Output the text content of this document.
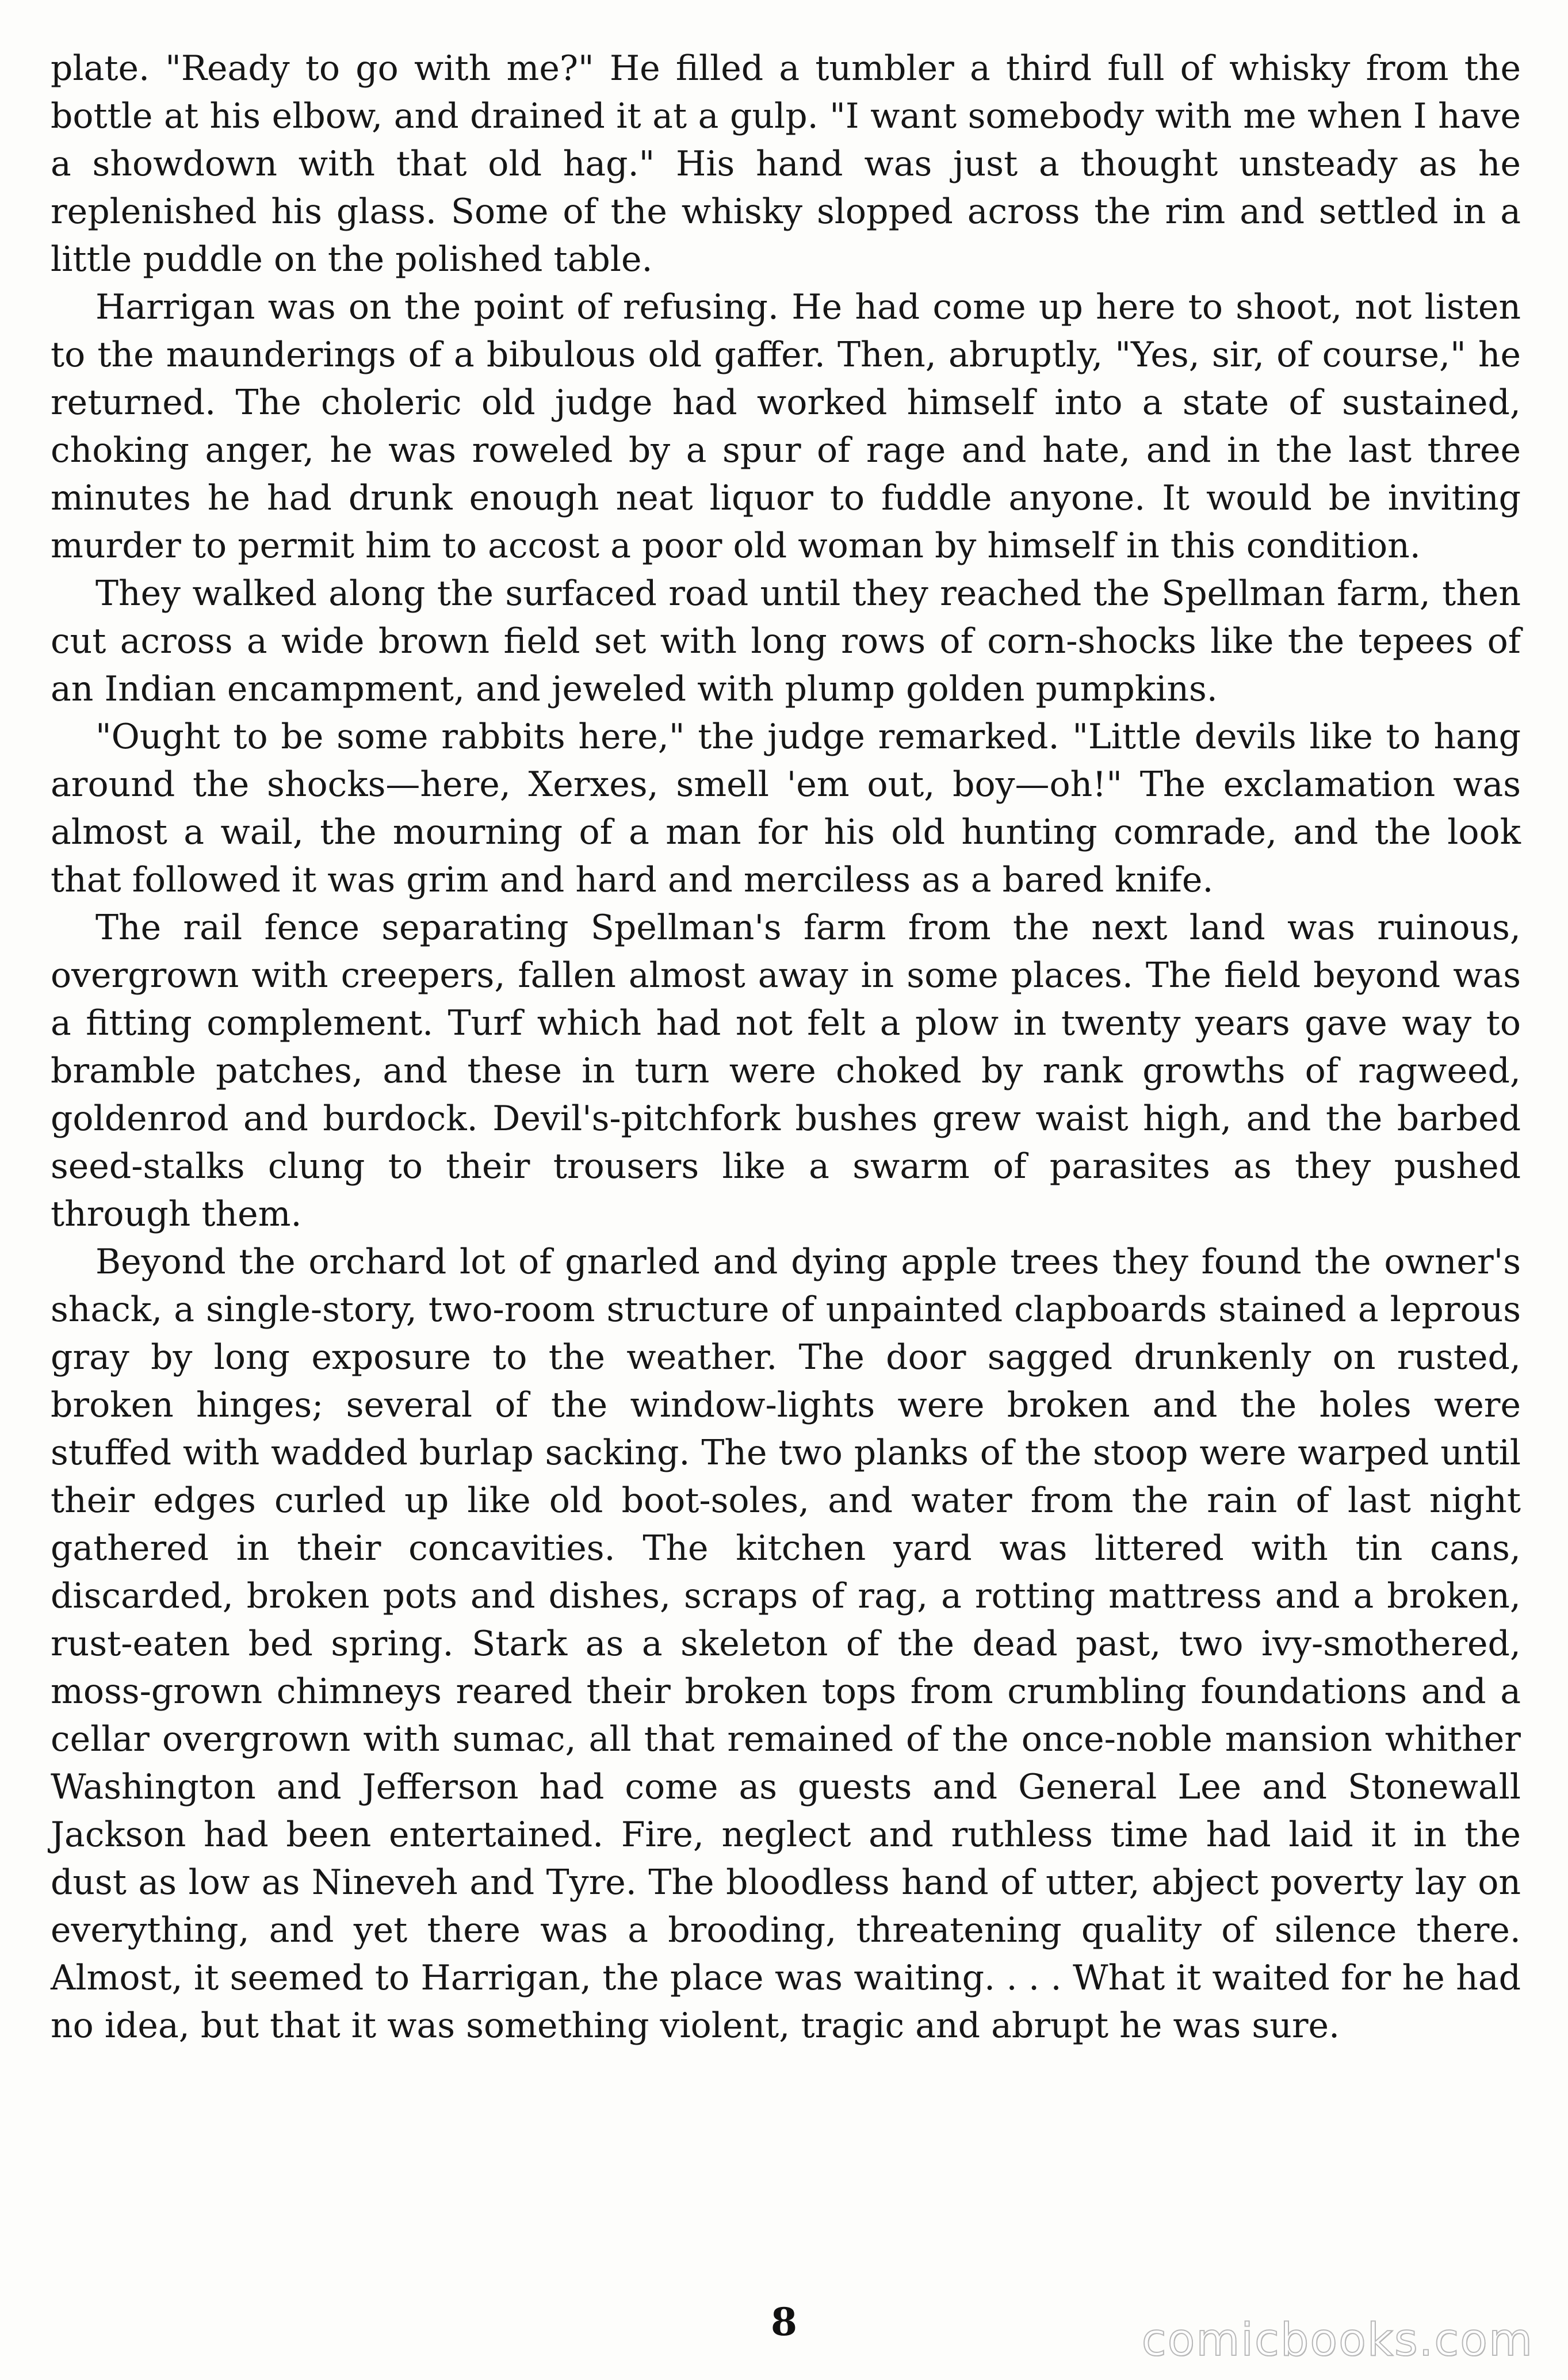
plate. "Ready to go with me?" He filled a tumbler a third full of whisky from the bottle at his elbow, and drained it at a gulp. "I want somebody with me when I have a showdown with that old hag." His hand was just a thought unsteady as he replenished his glass. Some of the whisky slopped across the rim and settled in a little puddle on the polished table.

Harrigan was on the point of refusing. He had come up here to shoot, not listen to the maunderings of a bibulous old gaffer. Then, abruptly, "Yes, sir, of course," he returned. The choleric old judge had worked himself into a state of sustained, choking anger, he was roweled by a spur of rage and hate, and in the last three minutes he had drunk enough neat liquor to fuddle anyone. It would be inviting murder to permit him to accost a poor old woman by himself in this condition.

They walked along the surfaced road until they reached the Spellman farm, then cut across a wide brown field set with long rows of corn-shocks like the tepees of an Indian encampment, and jeweled with plump golden pumpkins.

"Ought to be some rabbits here," the judge remarked. "Little devils like to hang around the shocks—here, Xerxes, smell 'em out, boy—oh!" The exclamation was almost a wail, the mourning of a man for his old hunting comrade, and the look that followed it was grim and hard and merciless as a bared knife.

The rail fence separating Spellman's farm from the next land was ruinous, overgrown with creepers, fallen almost away in some places. The field beyond was a fitting complement. Turf which had not felt a plow in twenty years gave way to bramble patches, and these in turn were choked by rank growths of ragweed, goldenrod and burdock. Devil's-pitchfork bushes grew waist high, and the barbed seed-stalks clung to their trousers like a swarm of parasites as they pushed through them.

Beyond the orchard lot of gnarled and dying apple trees they found the owner's shack, a single-story, two-room structure of unpainted clapboards stained a leprous gray by long exposure to the weather. The door sagged drunkenly on rusted, broken hinges; several of the window-lights were broken and the holes were stuffed with wadded burlap sacking. The two planks of the stoop were warped until their edges curled up like old boot-soles, and water from the rain of last night gathered in their concavities. The kitchen yard was littered with tin cans, discarded, broken pots and dishes, scraps of rag, a rotting mattress and a broken, rust-eaten bed spring. Stark as a skeleton of the dead past, two ivy-smothered, moss-grown chimneys reared their broken tops from crumbling foundations and a cellar overgrown with sumac, all that remained of the once-noble mansion whither Washington and Jefferson had come as guests and General Lee and Stonewall Jackson had been entertained. Fire, neglect and ruthless time had laid it in the dust as low as Nineveh and Tyre. The bloodless hand of utter, abject poverty lay on everything, and yet there was a brooding, threatening quality of silence there. Almost, it seemed to Harrigan, the place was waiting. . . . What it waited for he had no idea, but that it was something violent, tragic and abrupt he was sure.

8	comicbooks.com
